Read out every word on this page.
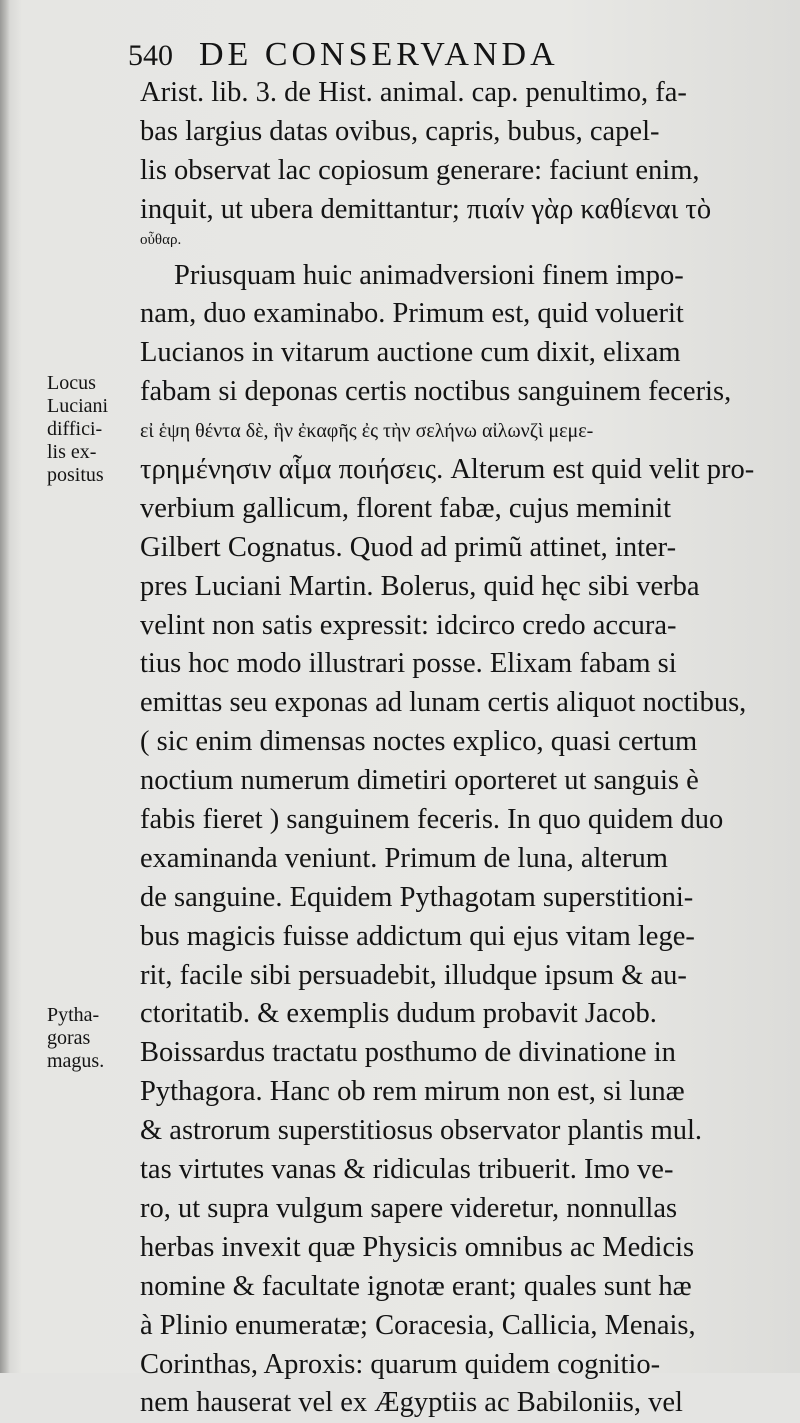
540 DE CONSERVANDA
Arist. lib. 3. de Hist. animal. cap. penultimo, fa-
bas largius datas ovibus, capris, bubus, capel-
lis observat lac copiosum generare: faciunt enim,
inquit, ut ubera demittantur; πιαίν γὰρ καθίεναι τὸ
οὖθαρ.
Priusquam huic animadversioni finem impo-
nam, duo examinabo. Primum est, quid voluerit
Lucianos in vitarum auctione cum dixit, elixam
fabam si deponas certis noctibus sanguinem feceris,
εἰ ἑψη θέντα δὲ, ἣν ἐκαφῆς ἐς τὴν σελήνω αἰλωνζὶ μεμε-
τρημένησιν αἷμα ποιήσεις. Alterum est quid velit pro-
verbium gallicum, florent fabæ, cujus meminit
Gilbert Cognatus. Quod ad primũ attinet, inter-
pres Luciani Martin. Bolerus, quid hęc sibi verba
velint non satis expressit: idcirco credo accura-
tius hoc modo illustrari posse. Elixam fabam si
emittas seu exponas ad lunam certis aliquot noctibus,
( sic enim dimensas noctes explico, quasi certum
noctium numerum dimetiri oporteret ut sanguis è
fabis fieret ) sanguinem feceris. In quo quidem duo
examinanda veniunt. Primum de luna, alterum
de sanguine. Equidem Pythagotam superstitioni-
bus magicis fuisse addictum qui ejus vitam lege-
rit, facile sibi persuadebit, illudque ipsum & au-
ctoritatib. & exemplis dudum probavit Jacob.
Boissardus tractatu posthumo de divinatione in
Pythagora. Hanc ob rem mirum non est, si lunæ
& astrorum superstitiosus observator plantis mul.
tas virtutes vanas & ridiculas tribuerit. Imo ve-
ro, ut supra vulgum sapere videretur, nonnullas
herbas invexit quæ Physicis omnibus ac Medicis
nomine & facultate ignotæ erant; quales sunt hæ
à Plinio enumeratæ; Coracesia, Callicia, Menais,
Corinthas, Aproxis: quarum quidem cognitio-
nem hauserat vel ex Ægyptiis ac Babiloniis, vel
Locus
Luciani
diffici-
lis ex-
positus
Pytha-
goras
magus.
